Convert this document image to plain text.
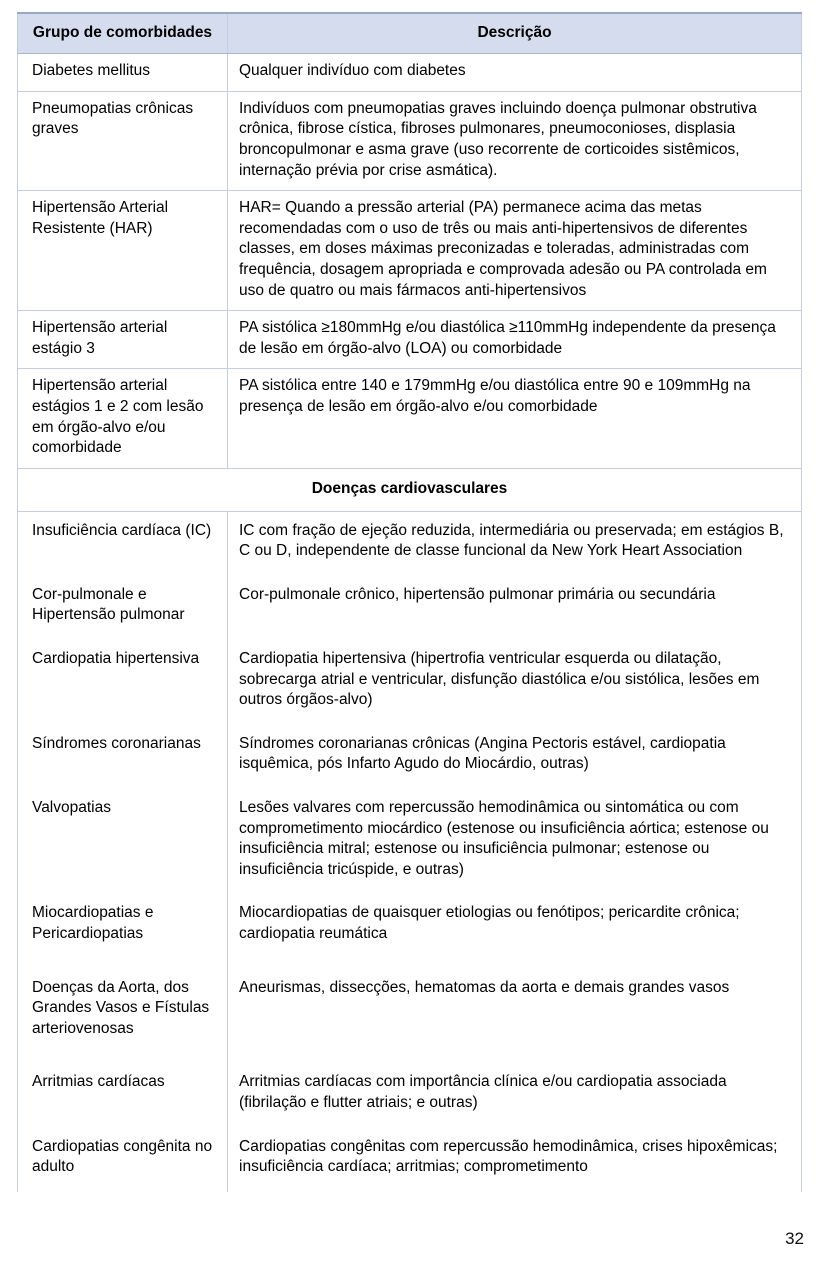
Grupo de comorbidades	Descrição
Diabetes mellitus	Qualquer indivíduo com diabetes
Pneumopatias crônicas graves	Indivíduos com pneumopatias graves incluindo doença pulmonar obstrutiva crônica, fibrose cística, fibroses pulmonares, pneumoconioses, displasia broncopulmonar e asma grave (uso recorrente de corticoides sistêmicos, internação prévia por crise asmática).
Hipertensão Arterial Resistente (HAR)	HAR= Quando a pressão arterial (PA) permanece acima das metas recomendadas com o uso de três ou mais anti-hipertensivos de diferentes classes, em doses máximas preconizadas e toleradas, administradas com frequência, dosagem apropriada e comprovada adesão ou PA controlada em uso de quatro ou mais fármacos anti-hipertensivos
Hipertensão arterial estágio 3	PA sistólica ≥180mmHg e/ou diastólica ≥110mmHg independente da presença de lesão em órgão-alvo (LOA) ou comorbidade
Hipertensão arterial estágios 1 e 2 com lesão em órgão-alvo e/ou comorbidade	PA sistólica entre 140 e 179mmHg e/ou diastólica entre 90 e 109mmHg na presença de lesão em órgão-alvo e/ou comorbidade
Doenças cardiovasculares	
Insuficiência cardíaca (IC)	IC com fração de ejeção reduzida, intermediária ou preservada; em estágios B, C ou D, independente de classe funcional da New York Heart Association
Cor-pulmonale e Hipertensão pulmonar	Cor-pulmonale crônico, hipertensão pulmonar primária ou secundária
Cardiopatia hipertensiva	Cardiopatia hipertensiva (hipertrofia ventricular esquerda ou dilatação, sobrecarga atrial e ventricular, disfunção diastólica e/ou sistólica, lesões em outros órgãos-alvo)
Síndromes coronarianas	Síndromes coronarianas crônicas (Angina Pectoris estável, cardiopatia isquêmica, pós Infarto Agudo do Miocárdio, outras)
Valvopatias	Lesões valvares com repercussão hemodinâmica ou sintomática ou com comprometimento miocárdico (estenose ou insuficiência aórtica; estenose ou insuficiência mitral; estenose ou insuficiência pulmonar; estenose ou insuficiência tricúspide, e outras)
Miocardiopatias e Pericardiopatias	Miocardiopatias de quaisquer etiologias ou fenótipos; pericardite crônica; cardiopatia reumática
Doenças da Aorta, dos Grandes Vasos e Fístulas arteriovenosas	Aneurismas, dissecções, hematomas da aorta e demais grandes vasos
Arritmias cardíacas	Arritmias cardíacas com importância clínica e/ou cardiopatia associada (fibrilação e flutter atriais; e outras)
Cardiopatias congênita no adulto	Cardiopatias congênitas com repercussão hemodinâmica, crises hipoxêmicas; insuficiência cardíaca; arritmias; comprometimento
32
